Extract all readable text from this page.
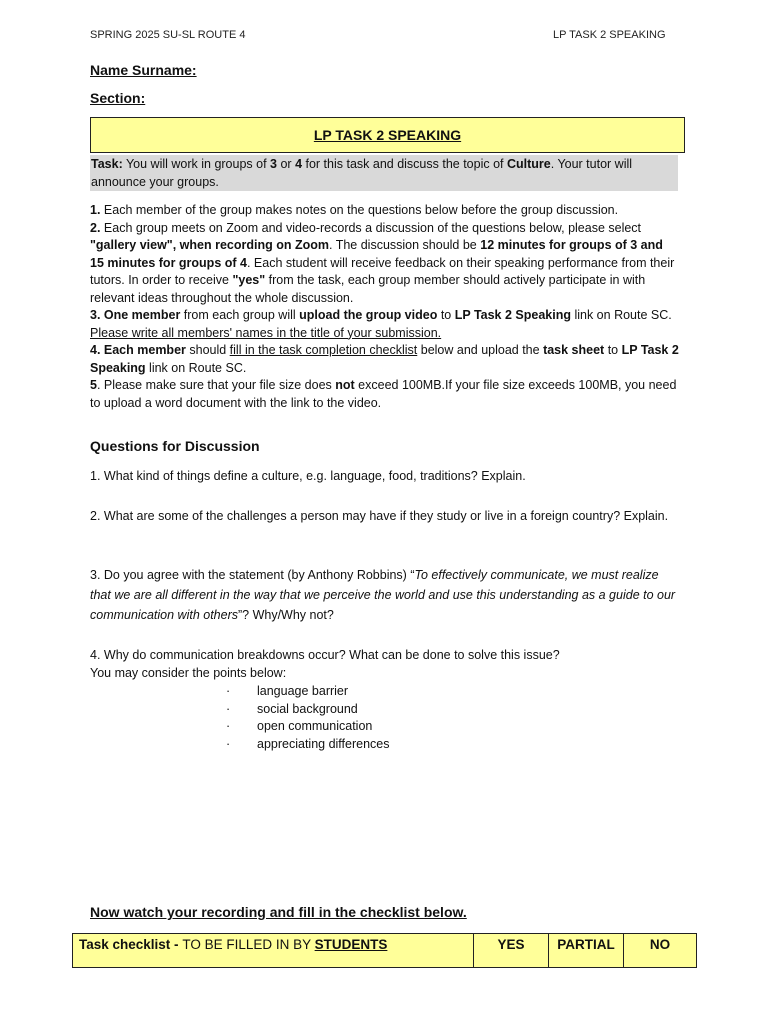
SPRING 2025 SU-SL ROUTE 4	LP TASK 2 SPEAKING
Name Surname:
Section:
LP TASK 2 SPEAKING
Task: You will work in groups of 3 or 4 for this task and discuss the topic of Culture. Your tutor will announce your groups.

1. Each member of the group makes notes on the questions below before the group discussion.

2. Each group meets on Zoom and video-records a discussion of the questions below, please select "gallery view", when recording on Zoom. The discussion should be 12 minutes for groups of 3 and 15 minutes for groups of 4. Each student will receive feedback on their speaking performance from their tutors. In order to receive "yes" from the task, each group member should actively participate in with relevant ideas throughout the whole discussion.

3. One member from each group will upload the group video to LP Task 2 Speaking link on Route SC. Please write all members' names in the title of your submission.

4. Each member should fill in the task completion checklist below and upload the task sheet to LP Task 2 Speaking link on Route SC.

5. Please make sure that your file size does not exceed 100MB.If your file size exceeds 100MB, you need to upload a word document with the link to the video.

Questions for Discussion
1. What kind of things define a culture, e.g. language, food, traditions? Explain.
2. What are some of the challenges a person may have if they study or live in a foreign country? Explain.
3. Do you agree with the statement (by Anthony Robbins) “To effectively communicate, we must realize that we are all different in the way that we perceive the world and use this understanding as a guide to our communication with others”? Why/Why not?
4. Why do communication breakdowns occur? What can be done to solve this issue?
You may consider the points below:
·	language barrier
·	social background
·	open communication
·	appreciating differences
Now watch your recording and fill in the checklist below.
Task checklist - TO BE FILLED IN BY STUDENTS	YES	PARTIAL	NO
